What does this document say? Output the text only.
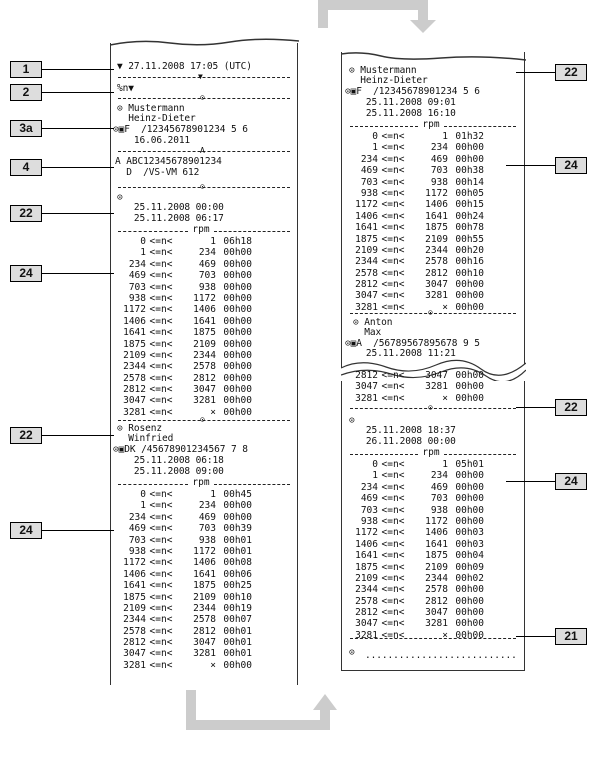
▼ 27.11.2008 17:05 (UTC)
▼
%n▼
⊙
⊙ Mustermann
Heinz-Dieter
⊙▣F  /12345678901234 5 6
16.06.2011
A
A ABC12345678901234
D  /VS-VM 612
⊙
⊙
25.11.2008 00:00
25.11.2008 06:17
rpm
0 <=n<	1 06h18
1 <=n<	234 00h00
234 <=n<	469 00h00
469 <=n<	703 00h00
703 <=n<	938 00h00
938 <=n<	1172 00h00
1172 <=n<	1406 00h00
1406 <=n<	1641 00h00
1641 <=n<	1875 00h00
1875 <=n<	2109 00h00
2109 <=n<	2344 00h00
2344 <=n<	2578 00h00
2578 <=n<	2812 00h00
2812 <=n<	3047 00h00
3047 <=n<	3281 00h00
3281 <=n<	× 00h00
⊙
⊙ Rosenz
Winfried
⊙▣DK /45678901234567 7 8
25.11.2008 06:18
25.11.2008 09:00
rpm
0 <=n<	1 00h45
1 <=n<	234 00h00
234 <=n<	469 00h00
469 <=n<	703 00h39
703 <=n<	938 00h01
938 <=n<	1172 00h01
1172 <=n<	1406 00h08
1406 <=n<	1641 00h06
1641 <=n<	1875 00h25
1875 <=n<	2109 00h10
2109 <=n<	2344 00h19
2344 <=n<	2578 00h07
2578 <=n<	2812 00h01
2812 <=n<	3047 00h01
3047 <=n<	3281 00h01
3281 <=n<	× 00h00
⊙ Mustermann
Heinz-Dieter
⊙▣F  /12345678901234 5 6
25.11.2008 09:01
25.11.2008 16:10
rpm
0 <=n<	1 01h32
1 <=n<	234 00h00
234 <=n<	469 00h00
469 <=n<	703 00h38
703 <=n<	938 00h14
938 <=n<	1172 00h05
1172 <=n<	1406 00h15
1406 <=n<	1641 00h24
1641 <=n<	1875 00h78
1875 <=n<	2109 00h55
2109 <=n<	2344 00h20
2344 <=n<	2578 00h16
2578 <=n<	2812 00h10
2812 <=n<	3047 00h00
3047 <=n<	3281 00h00
3281 <=n<	× 00h00
⊙
⊙ Anton
Max
⊙▣A  /56789567895678 9 5
25.11.2008 11:21
2812 <=n<	3047 00h00
3047 <=n<	3281 00h00
3281 <=n<	× 00h00
⊙
⊙
25.11.2008 18:37
26.11.2008 00:00
rpm
0 <=n<	1 05h01
1 <=n<	234 00h00
234 <=n<	469 00h00
469 <=n<	703 00h00
703 <=n<	938 00h00
938 <=n<	1172 00h00
1172 <=n<	1406 00h03
1406 <=n<	1641 00h03
1641 <=n<	1875 00h04
1875 <=n<	2109 00h09
2109 <=n<	2344 00h02
2344 <=n<	2578 00h00
2578 <=n<	2812 00h00
2812 <=n<	3047 00h00
3047 <=n<	3281 00h00
3281 <=n<	× 00h00
⊙ ...........................
1
2
3a
4
22
24
22
24
22
24
22
24
21
